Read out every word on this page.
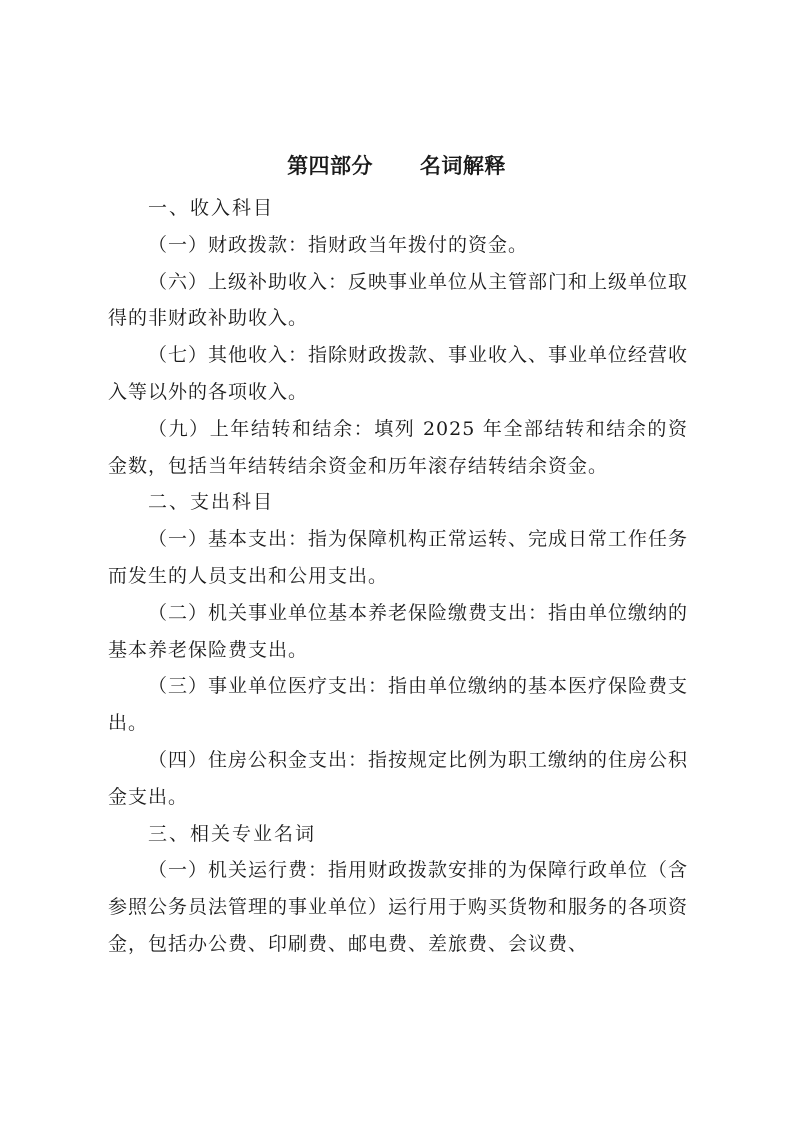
第四部分      名词解释

一、收入科目

（一）财政拨款：指财政当年拨付的资金。

（六）上级补助收入：反映事业单位从主管部门和上级单位取得的非财政补助收入。

（七）其他收入：指除财政拨款、事业收入、事业单位经营收入等以外的各项收入。

（九）上年结转和结余：填列 2025 年全部结转和结余的资金数，包括当年结转结余资金和历年滚存结转结余资金。

二、支出科目

（一）基本支出：指为保障机构正常运转、完成日常工作任务而发生的人员支出和公用支出。

（二）机关事业单位基本养老保险缴费支出：指由单位缴纳的基本养老保险费支出。

（三）事业单位医疗支出：指由单位缴纳的基本医疗保险费支出。

（四）住房公积金支出：指按规定比例为职工缴纳的住房公积金支出。

三、相关专业名词

（一）机关运行费：指用财政拨款安排的为保障行政单位（含参照公务员法管理的事业单位）运行用于购买货物和服务的各项资金，包括办公费、印刷费、邮电费、差旅费、会议费、
